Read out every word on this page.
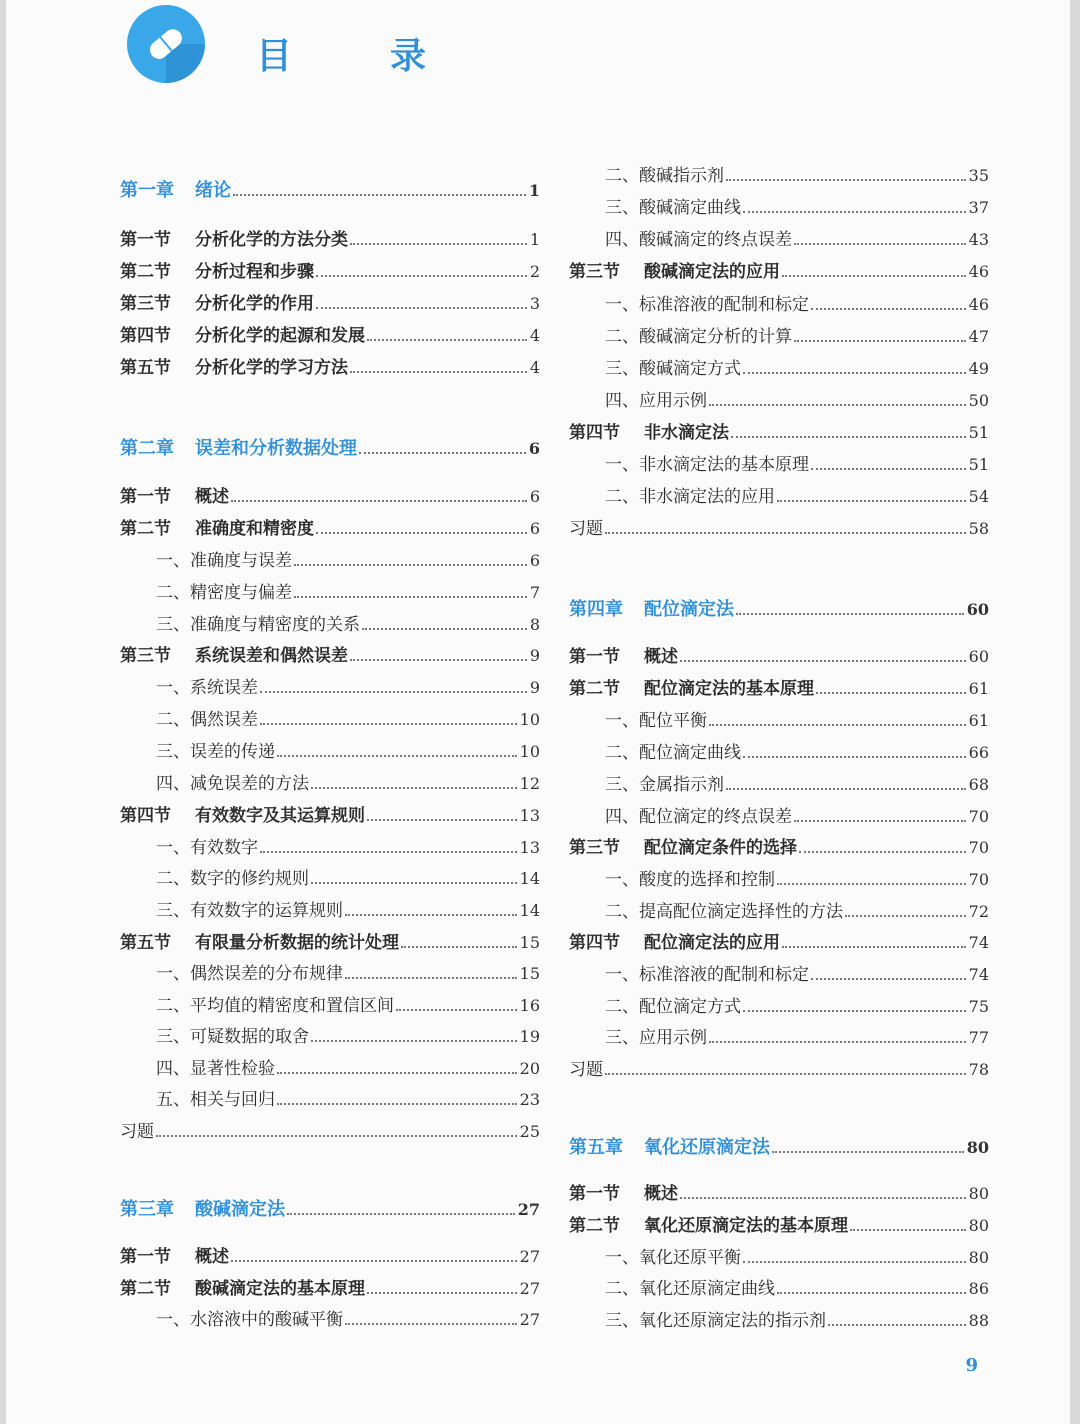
目	录
第一章 绪论	1
第一节 分析化学的方法分类	1
第二节 分析过程和步骤	2
第三节 分析化学的作用	3
第四节 分析化学的起源和发展	4
第五节 分析化学的学习方法	4
第二章 误差和分析数据处理	6
第一节 概述	6
第二节 准确度和精密度	6
一、准确度与误差	6
二、精密度与偏差	7
三、准确度与精密度的关系	8
第三节 系统误差和偶然误差	9
一、系统误差	9
二、偶然误差	10
三、误差的传递	10
四、减免误差的方法	12
第四节 有效数字及其运算规则	13
一、有效数字	13
二、数字的修约规则	14
三、有效数字的运算规则	14
第五节 有限量分析数据的统计处理	15
一、偶然误差的分布规律	15
二、平均值的精密度和置信区间	16
三、可疑数据的取舍	19
四、显著性检验	20
五、相关与回归	23
习题	25
第三章 酸碱滴定法	27
第一节 概述	27
第二节 酸碱滴定法的基本原理	27
一、水溶液中的酸碱平衡	27
二、酸碱指示剂	35
三、酸碱滴定曲线	37
四、酸碱滴定的终点误差	43
第三节 酸碱滴定法的应用	46
一、标准溶液的配制和标定	46
二、酸碱滴定分析的计算	47
三、酸碱滴定方式	49
四、应用示例	50
第四节 非水滴定法	51
一、非水滴定法的基本原理	51
二、非水滴定法的应用	54
习题	58
第四章 配位滴定法	60
第一节 概述	60
第二节 配位滴定法的基本原理	61
一、配位平衡	61
二、配位滴定曲线	66
三、金属指示剂	68
四、配位滴定的终点误差	70
第三节 配位滴定条件的选择	70
一、酸度的选择和控制	70
二、提高配位滴定选择性的方法	72
第四节 配位滴定法的应用	74
一、标准溶液的配制和标定	74
二、配位滴定方式	75
三、应用示例	77
习题	78
第五章 氧化还原滴定法	80
第一节 概述	80
第二节 氧化还原滴定法的基本原理	80
一、氧化还原平衡	80
二、氧化还原滴定曲线	86
三、氧化还原滴定法的指示剂	88
9
